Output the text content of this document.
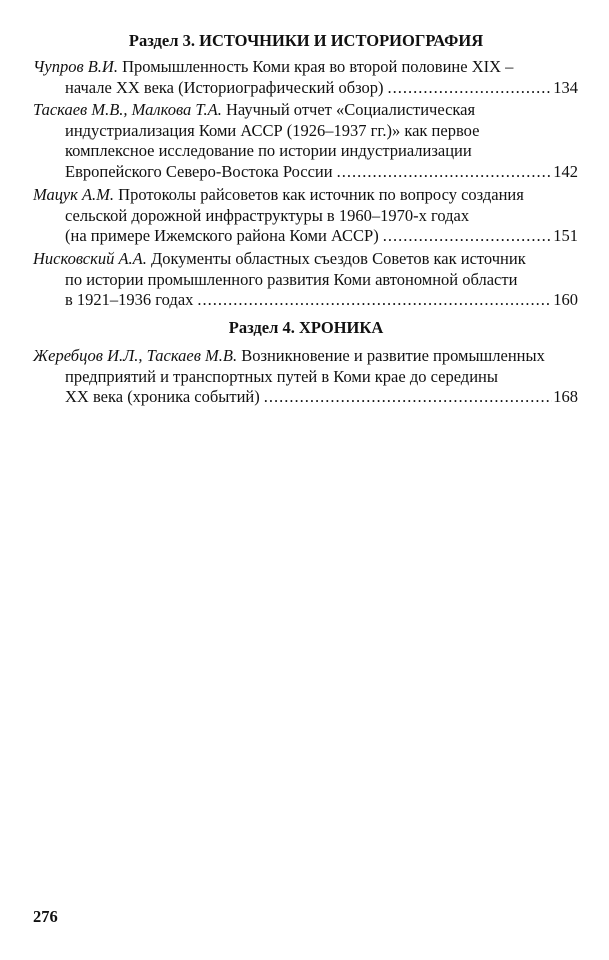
Раздел 3. ИСТОЧНИКИ И ИСТОРИОГРАФИЯ
Чупров В.И. Промышленность Коми края во второй половине XIX –
начале XX века (Историографический обзор) .....	134
Таскаев М.В., Малкова Т.А. Научный отчет «Социалистическая
индустриализация Коми АССР (1926–1937 гг.)» как первое
комплексное исследование по истории индустриализации
Европейского Северо-Востока России .....	142
Мацук А.М. Протоколы райсоветов как источник по вопросу создания
сельской дорожной инфраструктуры в 1960–1970-х годах
(на примере Ижемского района Коми АССР) .....	151
Нисковский А.А. Документы областных съездов Советов как источник
по истории промышленного развития Коми автономной области
в 1921–1936 годах .....	160
Раздел 4. ХРОНИКА
Жеребцов И.Л., Таскаев М.В. Возникновение и развитие промышленных
предприятий и транспортных путей в Коми крае до середины
XX века (хроника событий) .....	168
276
